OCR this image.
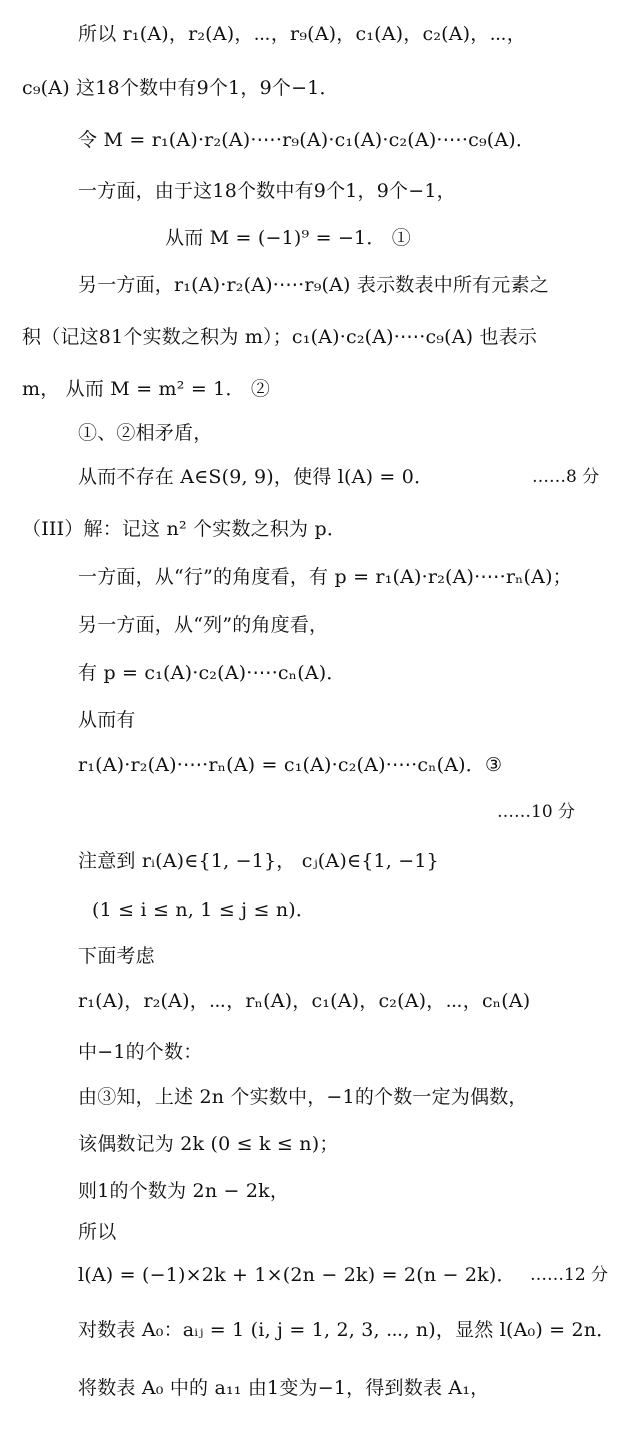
所以 r₁(A)，r₂(A)，⋯，r₉(A)，c₁(A)，c₂(A)，⋯，
c₉(A) 这18个数中有9个1，9个−1．
令 M = r₁(A)·r₂(A)·⋯·r₉(A)·c₁(A)·c₂(A)·⋯·c₉(A)．
一方面，由于这18个数中有9个1，9个−1，
从而 M = (−1)⁹ = −1． ①
另一方面，r₁(A)·r₂(A)·⋯·r₉(A) 表示数表中所有元素之
积（记这81个实数之积为 m）；c₁(A)·c₂(A)·⋯·c₉(A) 也表示
m， 从而 M = m² = 1． ②
①、②相矛盾，
从而不存在 A∈S(9, 9)，使得 l(A) = 0．	……8 分
（III）解：记这 n² 个实数之积为 p．
一方面，从“行”的角度看，有 p = r₁(A)·r₂(A)·⋯·rₙ(A)；
另一方面，从“列”的角度看，
有 p = c₁(A)·c₂(A)·⋯·cₙ(A)．
从而有
r₁(A)·r₂(A)·⋯·rₙ(A) = c₁(A)·c₂(A)·⋯·cₙ(A)．③
……10 分
注意到 rᵢ(A)∈{1, −1}， cⱼ(A)∈{1, −1}
(1 ≤ i ≤ n, 1 ≤ j ≤ n)．
下面考虑
r₁(A)，r₂(A)，⋯，rₙ(A)，c₁(A)，c₂(A)，⋯，cₙ(A)
中−1的个数：
由③知，上述 2n 个实数中，−1的个数一定为偶数，
该偶数记为 2k (0 ≤ k ≤ n)；
则1的个数为 2n − 2k，
所以
l(A) = (−1)×2k + 1×(2n − 2k) = 2(n − 2k)． ……12 分
对数表 A₀：aᵢⱼ = 1 (i, j = 1, 2, 3, ⋯, n)，显然 l(A₀) = 2n．
将数表 A₀ 中的 a₁₁ 由1变为−1，得到数表 A₁，
